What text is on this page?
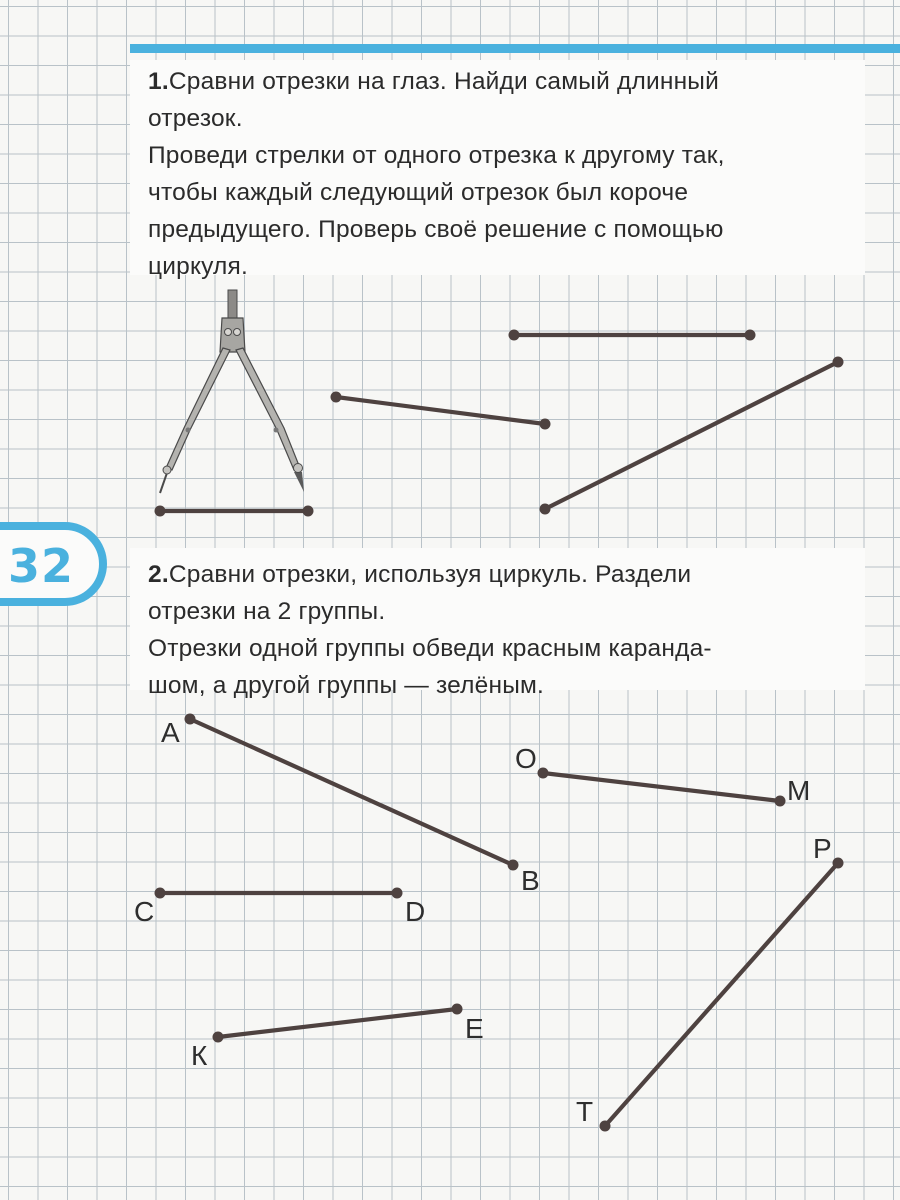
32

1.Сравни отрезки на глаз. Найди самый длинный

отрезок.

Проведи стрелки от одного отрезка к другому так,

чтобы каждый следующий отрезок был короче

предыдущего. Проверь своё решение с помощью

циркуля.

2.Сравни отрезки, используя циркуль. Раздели

отрезки на 2 группы.

Отрезки одной группы обведи красным каранда-

шом, а другой группы — зелёным.

А
В
О
М
С	D
Р
Е
К
Т
